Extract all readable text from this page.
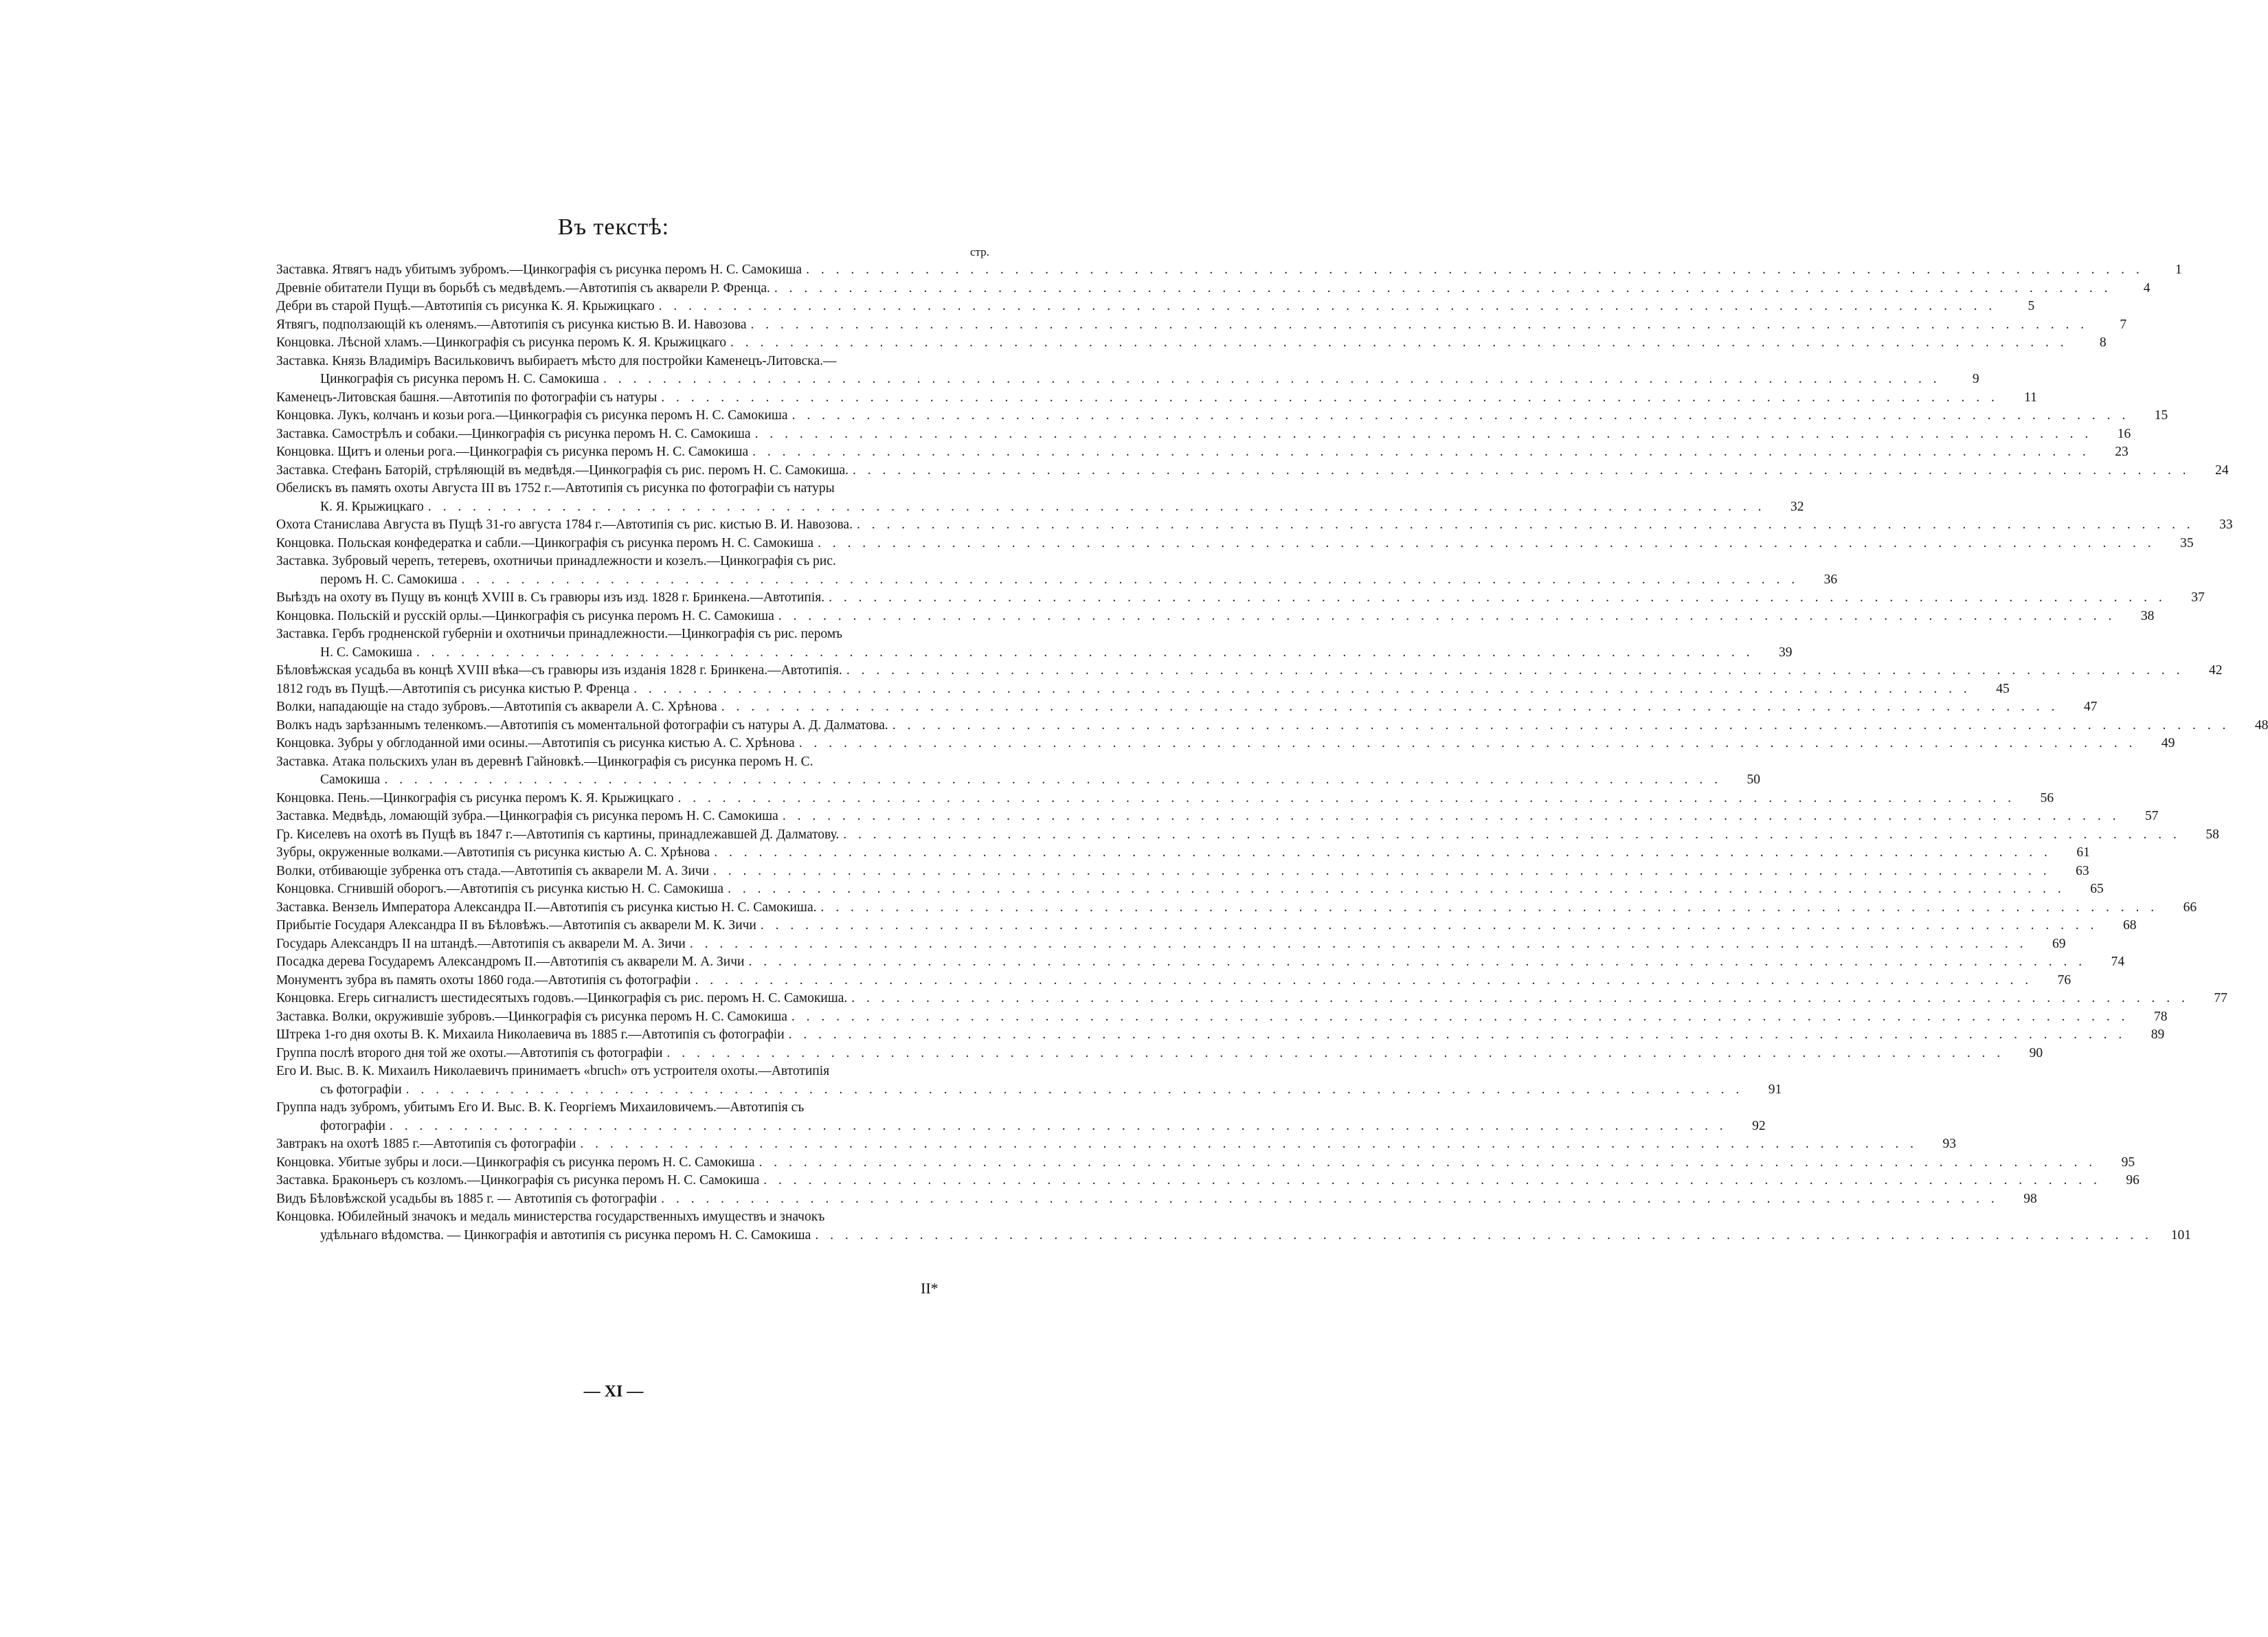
Въ текстѣ:
стр.
Заставка. Ятвягъ надъ убитымъ зубромъ.—Цинкографія съ рисунка перомъ Н. С. Самокиша . . . . . . . . . . . . . . . . . . . . . . . . . . . . . . . . . . . . . . . . . . . . . . . . . . . . . . . . . . . . . . . . . . . . . . . . . . . . . . . . . . . . . . . . . .	1
Древніе обитатели Пущи въ борьбѣ съ медвѣдемъ.—Автотипія съ акварели Р. Френца. . . . . . . . . . . . . . . . . . . . . . . . . . . . . . . . . . . . . . . . . . . . . . . . . . . . . . . . . . . . . . . . . . . . . . . . . . . . . . . . . . . . . . . . . . .	4
Дебри въ старой Пущѣ.—Автотипія съ рисунка К. Я. Крыжицкаго . . . . . . . . . . . . . . . . . . . . . . . . . . . . . . . . . . . . . . . . . . . . . . . . . . . . . . . . . . . . . . . . . . . . . . . . . . . . . . . . . . . . . . . . . .	5
Ятвягъ, подползающій къ оленямъ.—Автотипія съ рисунка кистью В. И. Навозова . . . . . . . . . . . . . . . . . . . . . . . . . . . . . . . . . . . . . . . . . . . . . . . . . . . . . . . . . . . . . . . . . . . . . . . . . . . . . . . . . . . . . . . . . .	7
Концовка. Лѣсной хламъ.—Цинкографія съ рисунка перомъ К. Я. Крыжицкаго . . . . . . . . . . . . . . . . . . . . . . . . . . . . . . . . . . . . . . . . . . . . . . . . . . . . . . . . . . . . . . . . . . . . . . . . . . . . . . . . . . . . . . . . . .	8
Заставка. Князь Владиміръ Васильковичъ выбираетъ мѣсто для постройки Каменецъ-Литовска.—
Цинкографія съ рисунка перомъ Н. С. Самокиша . . . . . . . . . . . . . . . . . . . . . . . . . . . . . . . . . . . . . . . . . . . . . . . . . . . . . . . . . . . . . . . . . . . . . . . . . . . . . . . . . . . . . . . . . .	9
Каменецъ-Литовская башня.—Автотипія по фотографіи съ натуры . . . . . . . . . . . . . . . . . . . . . . . . . . . . . . . . . . . . . . . . . . . . . . . . . . . . . . . . . . . . . . . . . . . . . . . . . . . . . . . . . . . . . . . . . .	11
Концовка. Лукъ, колчанъ и козьи рога.—Цинкографія съ рисунка перомъ Н. С. Самокиша . . . . . . . . . . . . . . . . . . . . . . . . . . . . . . . . . . . . . . . . . . . . . . . . . . . . . . . . . . . . . . . . . . . . . . . . . . . . . . . . . . . . . . . . . .	15
Заставка. Самострѣлъ и собаки.—Цинкографія съ рисунка перомъ Н. С. Самокиша . . . . . . . . . . . . . . . . . . . . . . . . . . . . . . . . . . . . . . . . . . . . . . . . . . . . . . . . . . . . . . . . . . . . . . . . . . . . . . . . . . . . . . . . . .	16
Концовка. Щитъ и оленьи рога.—Цинкографія съ рисунка перомъ Н. С. Самокиша . . . . . . . . . . . . . . . . . . . . . . . . . . . . . . . . . . . . . . . . . . . . . . . . . . . . . . . . . . . . . . . . . . . . . . . . . . . . . . . . . . . . . . . . . .	23
Заставка. Стефанъ Баторій, стрѣляющій въ медвѣдя.—Цинкографія съ рис. перомъ Н. С. Самокиша. . . . . . . . . . . . . . . . . . . . . . . . . . . . . . . . . . . . . . . . . . . . . . . . . . . . . . . . . . . . . . . . . . . . . . . . . . . . . . . . . . . . . . . . . . .	24
Обелискъ въ память охоты Августа III въ 1752 г.—Автотипія съ рисунка по фотографіи съ натуры
К. Я. Крыжицкаго . . . . . . . . . . . . . . . . . . . . . . . . . . . . . . . . . . . . . . . . . . . . . . . . . . . . . . . . . . . . . . . . . . . . . . . . . . . . . . . . . . . . . . . . . .	32
Охота Станислава Августа въ Пущѣ 31-го августа 1784 г.—Автотипія съ рис. кистью В. И. Навозова. . . . . . . . . . . . . . . . . . . . . . . . . . . . . . . . . . . . . . . . . . . . . . . . . . . . . . . . . . . . . . . . . . . . . . . . . . . . . . . . . . . . . . . . . . .	33
Концовка. Польская конфедератка и сабли.—Цинкографія съ рисунка перомъ Н. С. Самокиша . . . . . . . . . . . . . . . . . . . . . . . . . . . . . . . . . . . . . . . . . . . . . . . . . . . . . . . . . . . . . . . . . . . . . . . . . . . . . . . . . . . . . . . . . .	35
Заставка. Зубровый черепъ, тетеревъ, охотничьи принадлежности и козелъ.—Цинкографія съ рис.
перомъ Н. С. Самокиша . . . . . . . . . . . . . . . . . . . . . . . . . . . . . . . . . . . . . . . . . . . . . . . . . . . . . . . . . . . . . . . . . . . . . . . . . . . . . . . . . . . . . . . . . .	36
Выѣздъ на охоту въ Пущу въ концѣ XVIII в. Съ гравюры изъ изд. 1828 г. Бринкена.—Автотипія. . . . . . . . . . . . . . . . . . . . . . . . . . . . . . . . . . . . . . . . . . . . . . . . . . . . . . . . . . . . . . . . . . . . . . . . . . . . . . . . . . . . . . . . . . .	37
Концовка. Польскій и русскій орлы.—Цинкографія съ рисунка перомъ Н. С. Самокиша . . . . . . . . . . . . . . . . . . . . . . . . . . . . . . . . . . . . . . . . . . . . . . . . . . . . . . . . . . . . . . . . . . . . . . . . . . . . . . . . . . . . . . . . . .	38
Заставка. Гербъ гродненской губерніи и охотничьи принадлежности.—Цинкографія съ рис. перомъ
Н. С. Самокиша . . . . . . . . . . . . . . . . . . . . . . . . . . . . . . . . . . . . . . . . . . . . . . . . . . . . . . . . . . . . . . . . . . . . . . . . . . . . . . . . . . . . . . . . . .	39
Бѣловѣжская усадьба въ концѣ XVIII вѣка—съ гравюры изъ изданія 1828 г. Бринкена.—Автотипія. . . . . . . . . . . . . . . . . . . . . . . . . . . . . . . . . . . . . . . . . . . . . . . . . . . . . . . . . . . . . . . . . . . . . . . . . . . . . . . . . . . . . . . . . . .	42
1812 годъ въ Пущѣ.—Автотипія съ рисунка кистью Р. Френца . . . . . . . . . . . . . . . . . . . . . . . . . . . . . . . . . . . . . . . . . . . . . . . . . . . . . . . . . . . . . . . . . . . . . . . . . . . . . . . . . . . . . . . . . .	45
Волки, нападающіе на стадо зубровъ.—Автотипія съ акварели А. С. Хрѣнова . . . . . . . . . . . . . . . . . . . . . . . . . . . . . . . . . . . . . . . . . . . . . . . . . . . . . . . . . . . . . . . . . . . . . . . . . . . . . . . . . . . . . . . . . .	47
Волкъ надъ зарѣзаннымъ теленкомъ.—Автотипія съ моментальной фотографіи съ натуры А. Д. Далматова. . . . . . . . . . . . . . . . . . . . . . . . . . . . . . . . . . . . . . . . . . . . . . . . . . . . . . . . . . . . . . . . . . . . . . . . . . . . . . . . . . . . . . . . . . .	48
Концовка. Зубры у обглоданной ими осины.—Автотипія съ рисунка кистью А. С. Хрѣнова . . . . . . . . . . . . . . . . . . . . . . . . . . . . . . . . . . . . . . . . . . . . . . . . . . . . . . . . . . . . . . . . . . . . . . . . . . . . . . . . . . . . . . . . . .	49
Заставка. Атака польскихъ улан въ деревнѣ Гайновкѣ.—Цинкографія съ рисунка перомъ Н. С.
Самокиша . . . . . . . . . . . . . . . . . . . . . . . . . . . . . . . . . . . . . . . . . . . . . . . . . . . . . . . . . . . . . . . . . . . . . . . . . . . . . . . . . . . . . . . . . .	50
Концовка. Пень.—Цинкографія съ рисунка перомъ К. Я. Крыжицкаго . . . . . . . . . . . . . . . . . . . . . . . . . . . . . . . . . . . . . . . . . . . . . . . . . . . . . . . . . . . . . . . . . . . . . . . . . . . . . . . . . . . . . . . . . .	56
Заставка. Медвѣдь, ломающій зубра.—Цинкографія съ рисунка перомъ Н. С. Самокиша . . . . . . . . . . . . . . . . . . . . . . . . . . . . . . . . . . . . . . . . . . . . . . . . . . . . . . . . . . . . . . . . . . . . . . . . . . . . . . . . . . . . . . . . . .	57
Гр. Киселевъ на охотѣ въ Пущѣ въ 1847 г.—Автотипія съ картины, принадлежавшей Д. Далматову. . . . . . . . . . . . . . . . . . . . . . . . . . . . . . . . . . . . . . . . . . . . . . . . . . . . . . . . . . . . . . . . . . . . . . . . . . . . . . . . . . . . . . . . . . .	58
Зубры, окруженные волками.—Автотипія съ рисунка кистью А. С. Хрѣнова . . . . . . . . . . . . . . . . . . . . . . . . . . . . . . . . . . . . . . . . . . . . . . . . . . . . . . . . . . . . . . . . . . . . . . . . . . . . . . . . . . . . . . . . . .	61
Волки, отбивающіе зубренка отъ стада.—Автотипія съ акварели М. А. Зичи . . . . . . . . . . . . . . . . . . . . . . . . . . . . . . . . . . . . . . . . . . . . . . . . . . . . . . . . . . . . . . . . . . . . . . . . . . . . . . . . . . . . . . . . . .	63
Концовка. Сгнившій оборогъ.—Автотипія съ рисунка кистью Н. С. Самокиша . . . . . . . . . . . . . . . . . . . . . . . . . . . . . . . . . . . . . . . . . . . . . . . . . . . . . . . . . . . . . . . . . . . . . . . . . . . . . . . . . . . . . . . . . .	65
Заставка. Вензель Императора Александра II.—Автотипія съ рисунка кистью Н. С. Самокиша. . . . . . . . . . . . . . . . . . . . . . . . . . . . . . . . . . . . . . . . . . . . . . . . . . . . . . . . . . . . . . . . . . . . . . . . . . . . . . . . . . . . . . . . . . .	66
Прибытіе Государя Александра II въ Бѣловѣжъ.—Автотипія съ акварели М. К. Зичи . . . . . . . . . . . . . . . . . . . . . . . . . . . . . . . . . . . . . . . . . . . . . . . . . . . . . . . . . . . . . . . . . . . . . . . . . . . . . . . . . . . . . . . . . .	68
Государь Александръ II на штандѣ.—Автотипія съ акварели М. А. Зичи . . . . . . . . . . . . . . . . . . . . . . . . . . . . . . . . . . . . . . . . . . . . . . . . . . . . . . . . . . . . . . . . . . . . . . . . . . . . . . . . . . . . . . . . . .	69
Посадка дерева Государемъ Александромъ II.—Автотипія съ акварели М. А. Зичи . . . . . . . . . . . . . . . . . . . . . . . . . . . . . . . . . . . . . . . . . . . . . . . . . . . . . . . . . . . . . . . . . . . . . . . . . . . . . . . . . . . . . . . . . .	74
Монументъ зубра въ память охоты 1860 года.—Автотипія съ фотографіи . . . . . . . . . . . . . . . . . . . . . . . . . . . . . . . . . . . . . . . . . . . . . . . . . . . . . . . . . . . . . . . . . . . . . . . . . . . . . . . . . . . . . . . . . .	76
Концовка. Егерь сигналистъ шестидесятыхъ годовъ.—Цинкографія съ рис. перомъ Н. С. Самокиша. . . . . . . . . . . . . . . . . . . . . . . . . . . . . . . . . . . . . . . . . . . . . . . . . . . . . . . . . . . . . . . . . . . . . . . . . . . . . . . . . . . . . . . . . . .	77
Заставка. Волки, окружившіе зубровъ.—Цинкографія съ рисунка перомъ Н. С. Самокиша . . . . . . . . . . . . . . . . . . . . . . . . . . . . . . . . . . . . . . . . . . . . . . . . . . . . . . . . . . . . . . . . . . . . . . . . . . . . . . . . . . . . . . . . . .	78
Штрека 1-го дня охоты В. К. Михаила Николаевича въ 1885 г.—Автотипія съ фотографіи . . . . . . . . . . . . . . . . . . . . . . . . . . . . . . . . . . . . . . . . . . . . . . . . . . . . . . . . . . . . . . . . . . . . . . . . . . . . . . . . . . . . . . . . . .	89
Группа послѣ второго дня той же охоты.—Автотипія съ фотографіи . . . . . . . . . . . . . . . . . . . . . . . . . . . . . . . . . . . . . . . . . . . . . . . . . . . . . . . . . . . . . . . . . . . . . . . . . . . . . . . . . . . . . . . . . .	90
Его И. Выс. В. К. Михаилъ Николаевичъ принимаетъ «bruch» отъ устроителя охоты.—Автотипія
съ фотографіи . . . . . . . . . . . . . . . . . . . . . . . . . . . . . . . . . . . . . . . . . . . . . . . . . . . . . . . . . . . . . . . . . . . . . . . . . . . . . . . . . . . . . . . . . .	91
Группа надъ зубромъ, убитымъ Его И. Выс. В. К. Георгіемъ Михаиловичемъ.—Автотипія съ
фотографіи . . . . . . . . . . . . . . . . . . . . . . . . . . . . . . . . . . . . . . . . . . . . . . . . . . . . . . . . . . . . . . . . . . . . . . . . . . . . . . . . . . . . . . . . . .	92
Завтракъ на охотѣ 1885 г.—Автотипія съ фотографіи . . . . . . . . . . . . . . . . . . . . . . . . . . . . . . . . . . . . . . . . . . . . . . . . . . . . . . . . . . . . . . . . . . . . . . . . . . . . . . . . . . . . . . . . . .	93
Концовка. Убитые зубры и лоси.—Цинкографія съ рисунка перомъ Н. С. Самокиша . . . . . . . . . . . . . . . . . . . . . . . . . . . . . . . . . . . . . . . . . . . . . . . . . . . . . . . . . . . . . . . . . . . . . . . . . . . . . . . . . . . . . . . . . .	95
Заставка. Браконьеръ съ козломъ.—Цинкографія съ рисунка перомъ Н. С. Самокиша . . . . . . . . . . . . . . . . . . . . . . . . . . . . . . . . . . . . . . . . . . . . . . . . . . . . . . . . . . . . . . . . . . . . . . . . . . . . . . . . . . . . . . . . . .	96
Видъ Бѣловѣжской усадьбы въ 1885 г. — Автотипія съ фотографіи . . . . . . . . . . . . . . . . . . . . . . . . . . . . . . . . . . . . . . . . . . . . . . . . . . . . . . . . . . . . . . . . . . . . . . . . . . . . . . . . . . . . . . . . . .	98
Концовка. Юбилейный значокъ и медаль министерства государственныхъ имуществъ и значокъ
удѣльнаго вѣдомства. — Цинкографія и автотипія съ рисунка перомъ Н. С. Самокиша . . . . . . . . . . . . . . . . . . . . . . . . . . . . . . . . . . . . . . . . . . . . . . . . . . . . . . . . . . . . . . . . . . . . . . . . . . . . . . . . . . . . . . . . . .	101
II*
— XI —
